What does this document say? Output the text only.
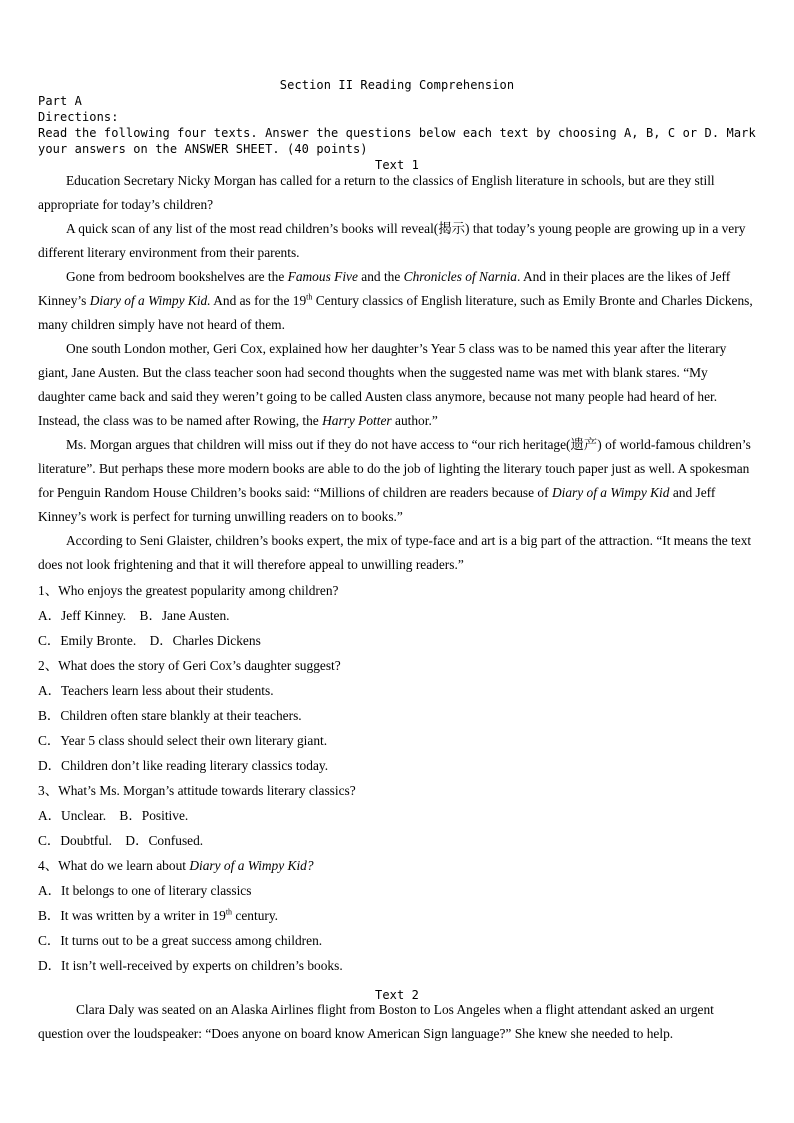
Section II Reading Comprehension
Part A
Directions:
Read the following four texts. Answer the questions below each text by choosing A, B, C or D. Mark your answers on the ANSWER SHEET. (40 points)
Text 1

Education Secretary Nicky Morgan has called for a return to the classics of English literature in schools, but are they still appropriate for today’s children?

A quick scan of any list of the most read children’s books will reveal(揭示) that today’s young people are growing up in a very different literary environment from their parents.

Gone from bedroom bookshelves are the Famous Five and the Chronicles of Narnia. And in their places are the likes of Jeff Kinney’s Diary of a Wimpy Kid. And as for the 19th Century classics of English literature, such as Emily Bronte and Charles Dickens, many children simply have not heard of them.

One south London mother, Geri Cox, explained how her daughter’s Year 5 class was to be named this year after the literary giant, Jane Austen. But the class teacher soon had second thoughts when the suggested name was met with blank stares. “My daughter came back and said they weren’t going to be called Austen class anymore, because not many people had heard of her. Instead, the class was to be named after Rowing, the Harry Potter author.”

Ms. Morgan argues that children will miss out if they do not have access to “our rich heritage(遗产) of world-famous children’s literature”. But perhaps these more modern books are able to do the job of lighting the literary touch paper just as well. A spokesman for Penguin Random House Children’s books said: “Millions of children are readers because of Diary of a Wimpy Kid and Jeff Kinney’s work is perfect for turning unwilling readers on to books.”

According to Seni Glaister, children’s books expert, the mix of type-face and art is a big part of the attraction. “It means the text does not look frightening and that it will therefore appeal to unwilling readers.”

1、Who enjoys the greatest popularity among children?
A．Jeff Kinney.    B．Jane Austen.
C．Emily Bronte.    D．Charles Dickens
2、What does the story of Geri Cox’s daughter suggest?
A．Teachers learn less about their students.
B．Children often stare blankly at their teachers.
C．Year 5 class should select their own literary giant.
D．Children don’t like reading literary classics today.
3、What’s Ms. Morgan’s attitude towards literary classics?
A．Unclear.    B．Positive.
C．Doubtful.    D．Confused.
4、What do we learn about Diary of a Wimpy Kid?
A．It belongs to one of literary classics
B．It was written by a writer in 19th century.
C．It turns out to be a great success among children.
D．It isn’t well-received by experts on children’s books.
Text 2

Clara Daly was seated on an Alaska Airlines flight from Boston to Los Angeles when a flight attendant asked an urgent question over the loudspeaker: “Does anyone on board know American Sign language?” She knew she needed to help.
